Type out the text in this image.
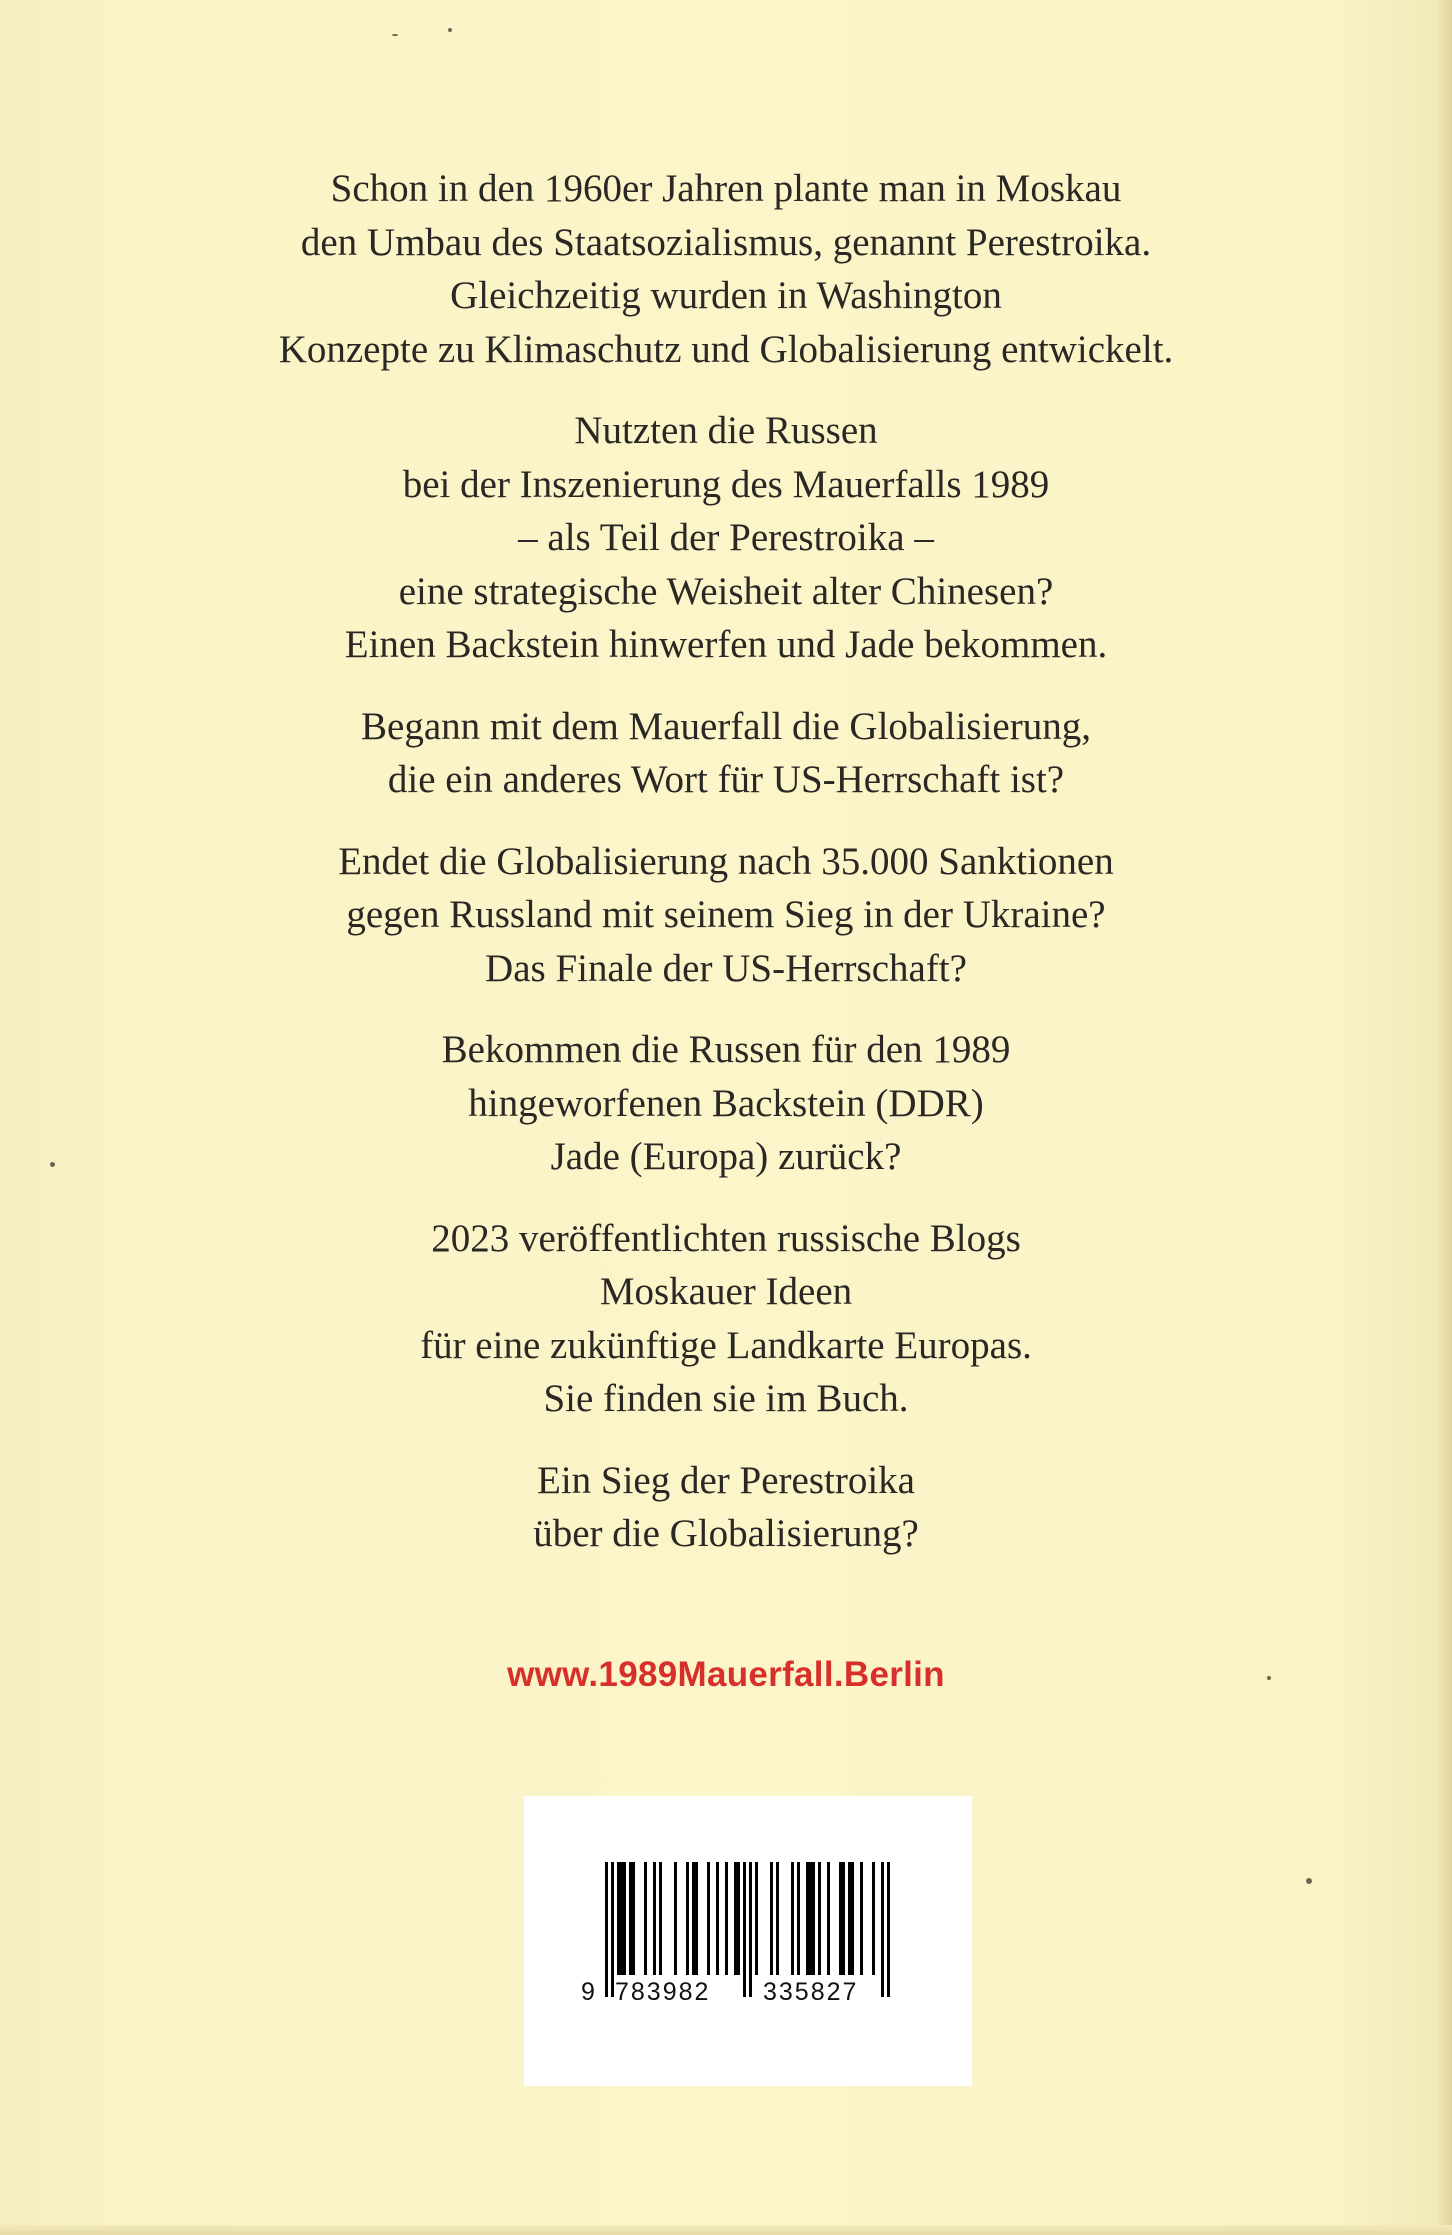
Schon in den 1960er Jahren plante man in Moskau
den Umbau des Staatsozialismus, genannt Perestroika.
Gleichzeitig wurden in Washington
Konzepte zu Klimaschutz und Globalisierung entwickelt.
Nutzten die Russen
bei der Inszenierung des Mauerfalls 1989
– als Teil der Perestroika –
eine strategische Weisheit alter Chinesen?
Einen Backstein hinwerfen und Jade bekommen.
Begann mit dem Mauerfall die Globalisierung,
die ein anderes Wort für US-Herrschaft ist?
Endet die Globalisierung nach 35.000 Sanktionen
gegen Russland mit seinem Sieg in der Ukraine?
Das Finale der US-Herrschaft?
Bekommen die Russen für den 1989
hingeworfenen Backstein (DDR)
Jade (Europa) zurück?
2023 veröffentlichten russische Blogs
Moskauer Ideen
für eine zukünftige Landkarte Europas.
Sie finden sie im Buch.
Ein Sieg der Perestroika
über die Globalisierung?
www.1989Mauerfall.Berlin
9 783982 335827
